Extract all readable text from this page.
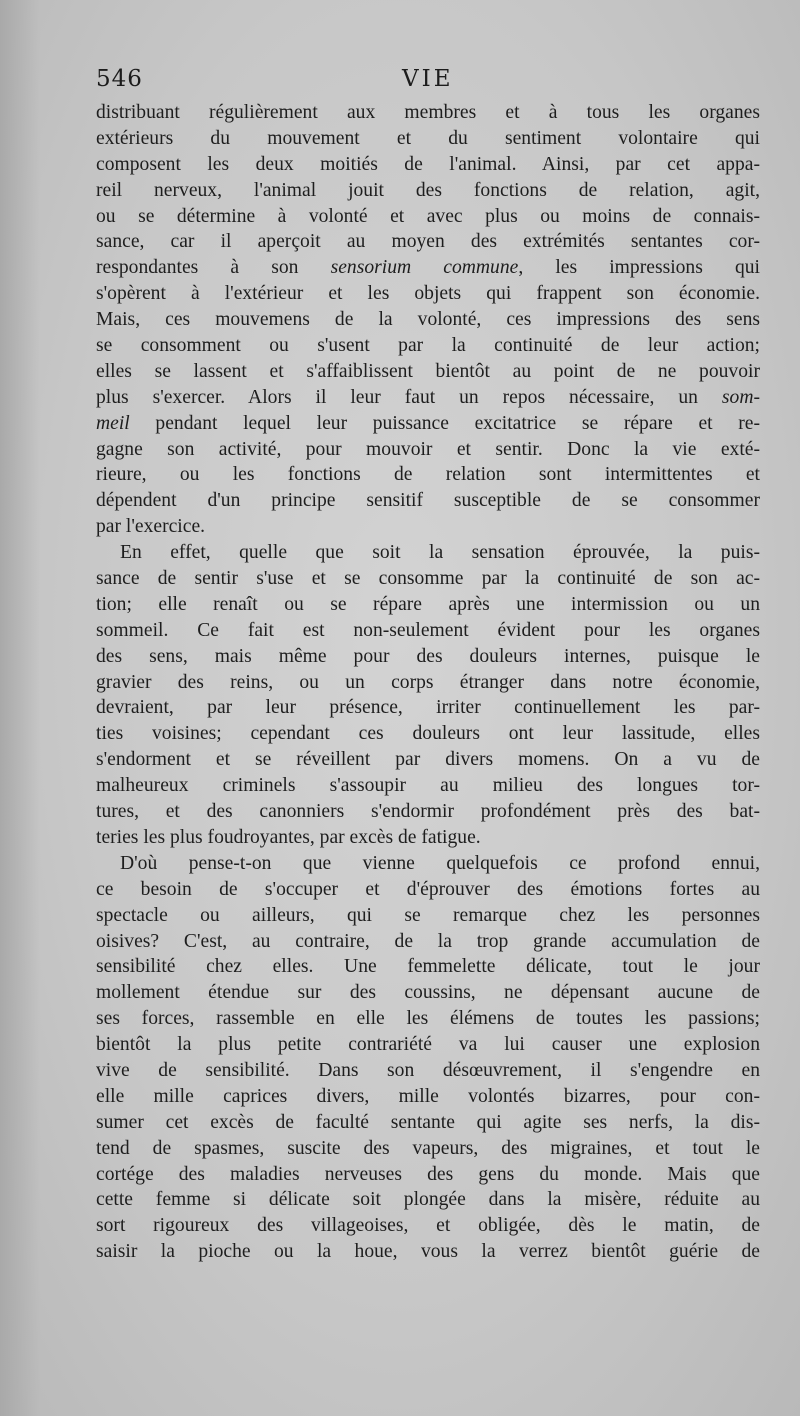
546	VIE
distribuant régulièrement aux membres et à tous les organes
extérieurs du mouvement et du sentiment volontaire qui
composent les deux moitiés de l'animal. Ainsi, par cet appa-
reil nerveux, l'animal jouit des fonctions de relation, agit,
ou se détermine à volonté et avec plus ou moins de connais-
sance, car il aperçoit au moyen des extrémités sentantes cor-
respondantes à son sensorium commune, les impressions qui
s'opèrent à l'extérieur et les objets qui frappent son économie.
Mais, ces mouvemens de la volonté, ces impressions des sens
se consomment ou s'usent par la continuité de leur action;
elles se lassent et s'affaiblissent bientôt au point de ne pouvoir
plus s'exercer. Alors il leur faut un repos nécessaire, un som-
meil pendant lequel leur puissance excitatrice se répare et re-
gagne son activité, pour mouvoir et sentir. Donc la vie exté-
rieure, ou les fonctions de relation sont intermittentes et
dépendent d'un principe sensitif susceptible de se consommer
par l'exercice.
En effet, quelle que soit la sensation éprouvée, la puis-
sance de sentir s'use et se consomme par la continuité de son ac-
tion; elle renaît ou se répare après une intermission ou un
sommeil. Ce fait est non-seulement évident pour les organes
des sens, mais même pour des douleurs internes, puisque le
gravier des reins, ou un corps étranger dans notre économie,
devraient, par leur présence, irriter continuellement les par-
ties voisines; cependant ces douleurs ont leur lassitude, elles
s'endorment et se réveillent par divers momens. On a vu de
malheureux criminels s'assoupir au milieu des longues tor-
tures, et des canonniers s'endormir profondément près des bat-
teries les plus foudroyantes, par excès de fatigue.
D'où pense-t-on que vienne quelquefois ce profond ennui,
ce besoin de s'occuper et d'éprouver des émotions fortes au
spectacle ou ailleurs, qui se remarque chez les personnes
oisives? C'est, au contraire, de la trop grande accumulation de
sensibilité chez elles. Une femmelette délicate, tout le jour
mollement étendue sur des coussins, ne dépensant aucune de
ses forces, rassemble en elle les élémens de toutes les passions;
bientôt la plus petite contrariété va lui causer une explosion
vive de sensibilité. Dans son désœuvrement, il s'engendre en
elle mille caprices divers, mille volontés bizarres, pour con-
sumer cet excès de faculté sentante qui agite ses nerfs, la dis-
tend de spasmes, suscite des vapeurs, des migraines, et tout le
cortége des maladies nerveuses des gens du monde. Mais que
cette femme si délicate soit plongée dans la misère, réduite au
sort rigoureux des villageoises, et obligée, dès le matin, de
saisir la pioche ou la houe, vous la verrez bientôt guérie de
